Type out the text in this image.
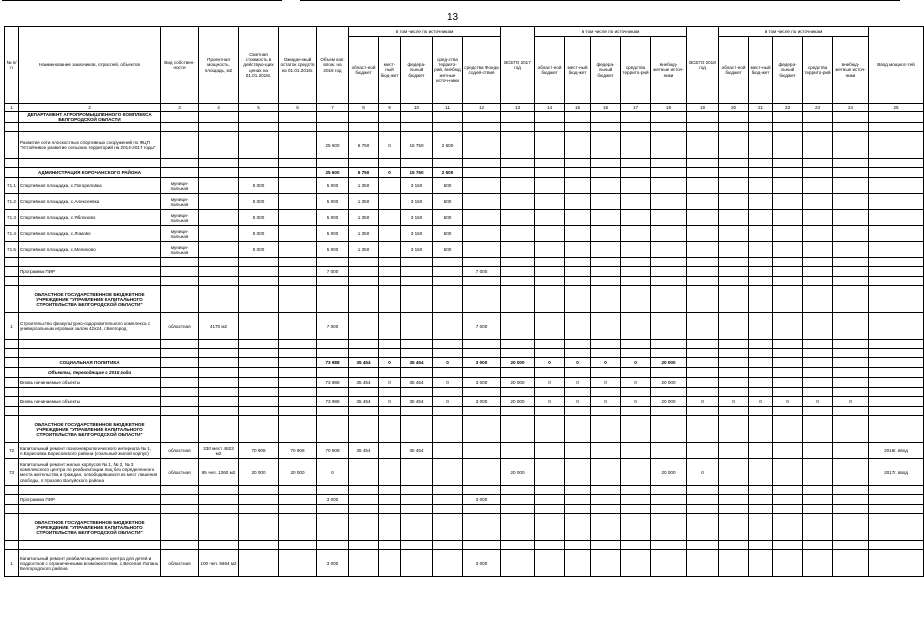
13
№ п/п	Наименование заказчиков, отраслей, объектов	Вид собствен-ности	Проектная мощность, площадь, м2	Сметная стоимость в действую-щих ценах на 01.01.2016г.	Ожидае-мый остаток средств на 01.01.2016г.	Объем кап. влож. на 2016 год	в том числе по источникам					ВСЕГО 2017 год	в том числе по источникам					ВСЕГО 2018 год	в том числе по источникам					Ввод мощнос-тей
							област-ной бюджет	мест-ный бюд-жет	федера-льный бюджет	сред-ства террито-рий, внебюд жетные источ-ники	средства Фонда содей-ствия		област-ной бюджет	мест-ный бюд-жет	федера-льный бюджет	средства террито-рий	внебюд-жетные источ-ники		област-ной бюджет	мест-ный бюд-жет	федера-льный бюджет	средства террито-рий	внебюд-жетные источ-ники	
1	2	3	4	5	6	7	8	9	10	11	12	13	14	15	16	17	18	19	20	21	23	23	24	25
	ДЕПАРТАМЕНТ АГРОПРОМЫШЛЕННОГО КОМПЛЕКСА БЕЛГОРОДСКОЙ ОБЛАСТИ																							

	Развитие сети плоскостных спортивных сооружений по ФЦП "Устойчивое развитие сельских территорий на 2014-2017 годы"					25 600	6 750	0	15 750	2 500														

	АДМИНИСТРАЦИЯ КОРОЧАНСКОГО РАЙОНА					25 600	6 750	0	15 750	2 500														
71.1	Спортивная площадка, с.Погореловка	муници-пальная		5 000		5 000	1 350		3 150	500														
71.2	Спортивная площадка, с.Алексеевка	муници-пальная		5 000		5 000	1 350		3 150	500														
71.3	Спортивная площадка, с.Яблоново	муници-пальная		5 000		5 000	1 350		3 150	500														
71.4	Спортивная площадка, с.Ломово	муници-пальная		5 000		5 000	1 350		3 150	500														
71.5	Спортивная площадка, с.Мелихово	муници-пальная		5 000		5 000	1 350		3 150	500														

	Программа ПИР					7 000					7 000													

	ОБЛАСТНОЕ ГОСУДАРСТВЕННОЕ БЮДЖЕТНОЕ УЧРЕЖДЕНИЕ "УПРАВЛЕНИЕ КАПИТАЛЬНОГО СТРОИТЕЛЬСТВА БЕЛГОРОДСКОЙ ОБЛАСТИ"																							
1	Строительство физкультурно-оздоровительного комплекса с универсальным игровым залом 42х24, г.Белгород	областная	4170 м2			7 000					7 000													

	СОЦИАЛЬНАЯ ПОЛИТИКА					73 988	35 454	0	35 454	0	3 000	20 000	0	0	0	0	20 000							
	Объекты, переходящие с 2015 года																							
	Вновь начинаемые объекты					73 988	35 454	0	35 454	0	3 000	20 000	0	0	0	0	20 000							

	Вновь начинаемые объекты					73 988	35 454	0	35 454	0	3 000	20 000	0	0	0	0	20 000	0	0	0	0	0	0	

	ОБЛАСТНОЕ ГОСУДАРСТВЕННОЕ БЮДЖЕТНОЕ УЧРЕЖДЕНИЕ "УПРАВЛЕНИЕ КАПИТАЛЬНОГО СТРОИТЕЛЬСТВА БЕЛГОРОДСКОЙ ОБЛАСТИ"																							
72	Капитальный ремонт психоневрологического интерната № 1, п.Борисовка Борисовского района (спальный жилой корпус)	областная	230 мест 4823 м2	70 908	70 908	70 908	35 454		35 454															2016г. ввод
73	Капитальный ремонт жилых корпусов № 1, № 2, № 3 комплексного центра по реабилитации лиц без определенного места жительства и граждан, освободившихся из мест лишения свободы, п.Уразово Валуйского района	областная	95 чел. 1360 м2	20 000	20 000	0						20 000					20 000	0						2017г. ввод

	Программа ПИР					3 000					3 000													

	ОБЛАСТНОЕ ГОСУДАРСТВЕННОЕ БЮДЖЕТНОЕ УЧРЕЖДЕНИЕ "УПРАВЛЕНИЕ КАПИТАЛЬНОГО СТРОИТЕЛЬСТВА БЕЛГОРОДСКОЙ ОБЛАСТИ"																							

1	Капитальный ремонт реабилитационного центра для детей и подростков с ограниченными возможностями, с.Веселая Лопань Белгородского района	областная	100 чел. 5664 м2			3 000					3 000													
